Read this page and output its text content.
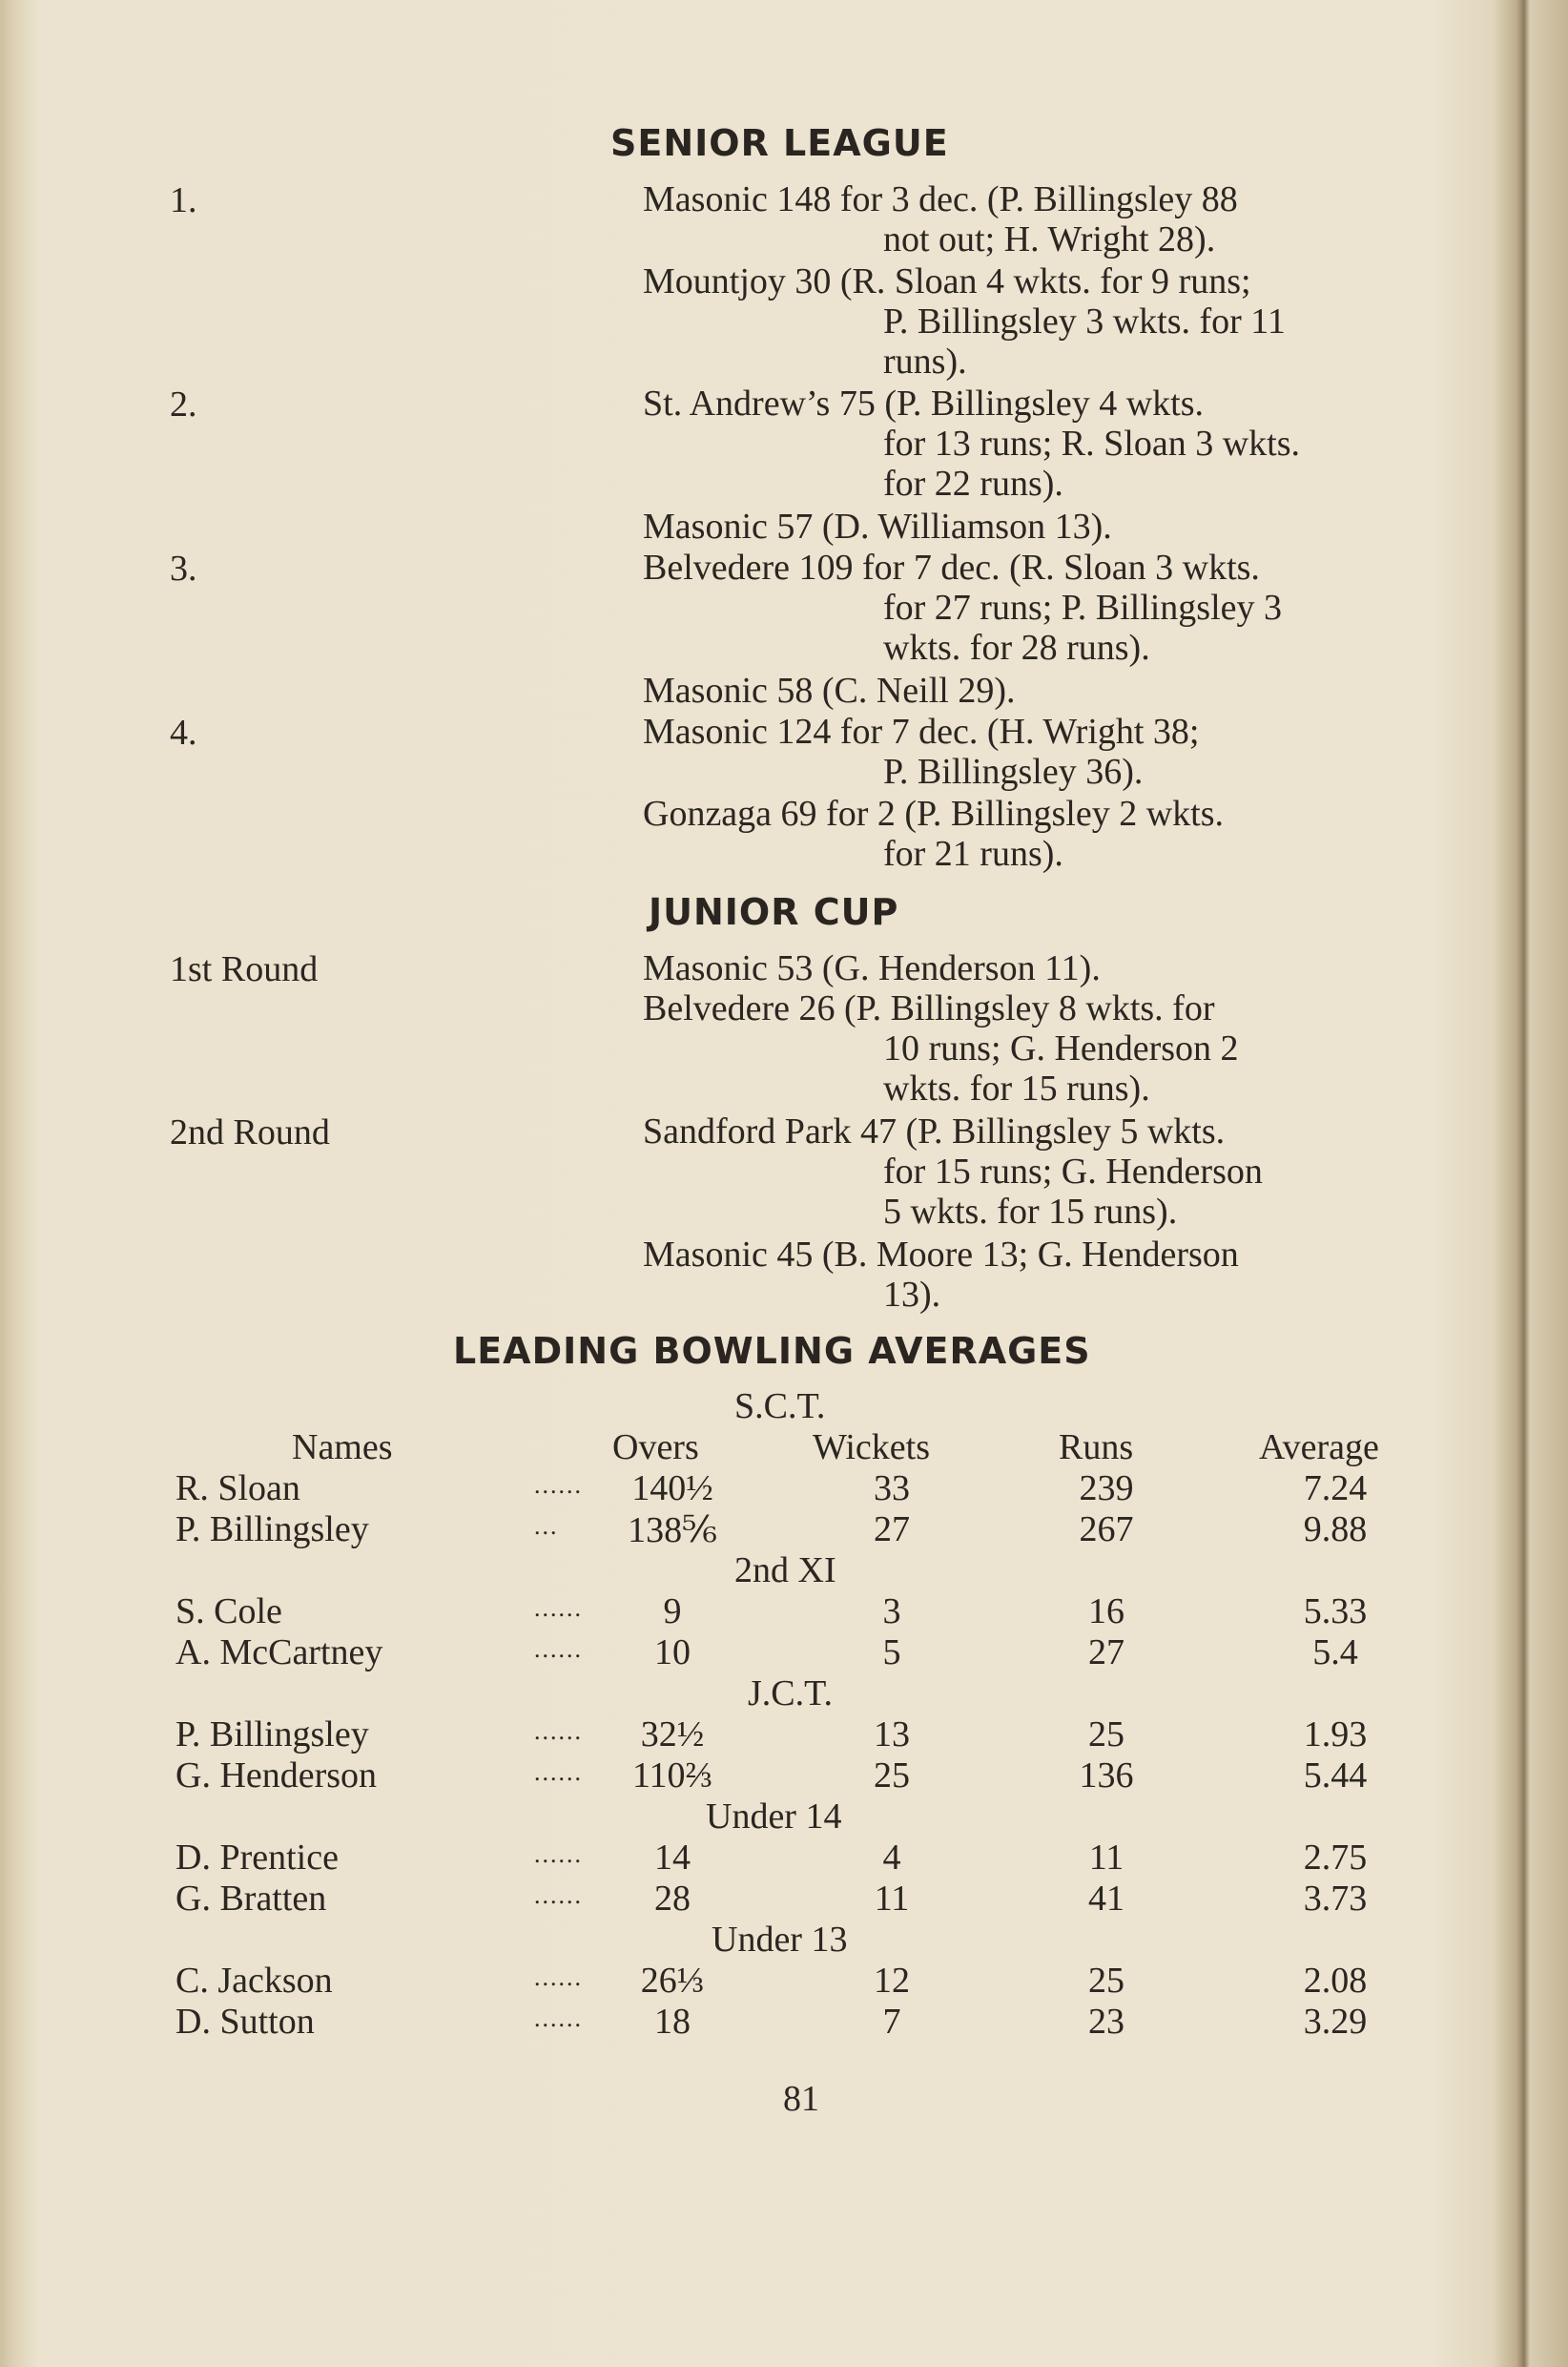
SENIOR LEAGUE
1.	Masonic 148 for 3 dec. (P. Billingsley 88
not out; H. Wright 28).
Mountjoy 30 (R. Sloan 4 wkts. for 9 runs;
P. Billingsley 3 wkts. for 11
runs).
2.	St. Andrew’s 75 (P. Billingsley 4 wkts.
for 13 runs; R. Sloan 3 wkts.
for 22 runs).
Masonic 57 (D. Williamson 13).
3.	Belvedere 109 for 7 dec. (R. Sloan 3 wkts.
for 27 runs; P. Billingsley 3
wkts. for 28 runs).
Masonic 58 (C. Neill 29).
4.	Masonic 124 for 7 dec. (H. Wright 38;
P. Billingsley 36).
Gonzaga 69 for 2 (P. Billingsley 2 wkts.
for 21 runs).
JUNIOR CUP
1st Round	Masonic 53 (G. Henderson 11).
Belvedere 26 (P. Billingsley 8 wkts. for
10 runs; G. Henderson 2
wkts. for 15 runs).
2nd Round	Sandford Park 47 (P. Billingsley 5 wkts.
for 15 runs; G. Henderson
5 wkts. for 15 runs).
Masonic 45 (B. Moore 13; G. Henderson
13).
LEADING BOWLING AVERAGES
Names	Overs	Wickets	Runs	Average
S.C.T.
R. Sloan	......	140½	33	239	7.24
P. Billingsley	... 138⅚	27	267	9.88
2nd XI
S. Cole	......	9	3	16	5.33
A. McCartney	......	10	5	27	5.4
J.C.T.
P. Billingsley	......	32½	13	25	1.93
G. Henderson	......	110⅔	25	136	5.44
Under 14
D. Prentice	......	14	4	11	2.75
G. Bratten	......	28	11	41	3.73
Under 13
C. Jackson	......	26⅓	12	25	2.08
D. Sutton	......	18	7	23	3.29
81
